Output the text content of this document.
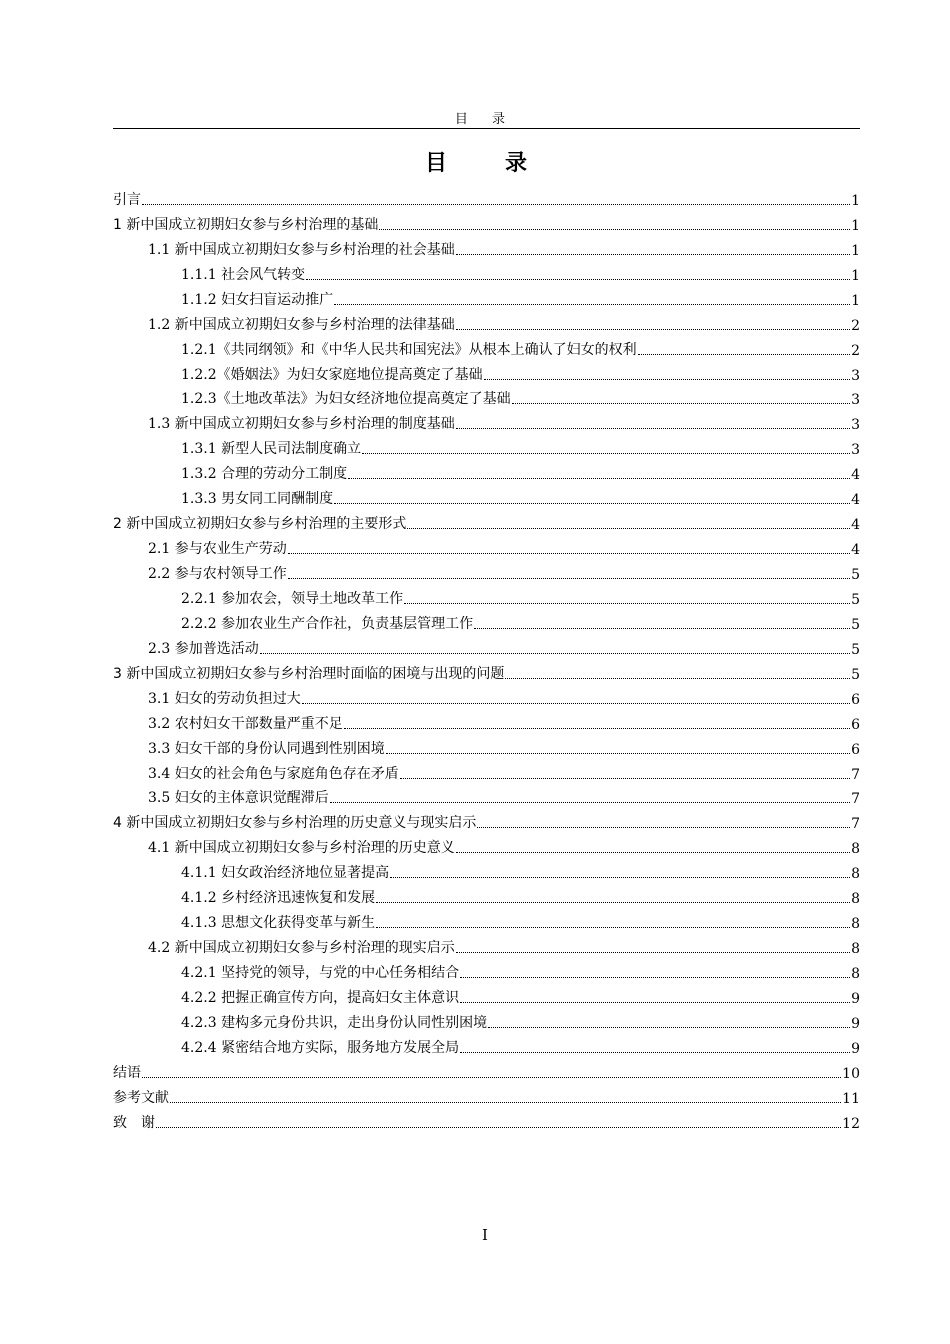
目 录
目　录
引言	1
1 新中国成立初期妇女参与乡村治理的基础	1
1.1 新中国成立初期妇女参与乡村治理的社会基础	1
1.1.1 社会风气转变	1
1.1.2 妇女扫盲运动推广	1
1.2 新中国成立初期妇女参与乡村治理的法律基础	2
1.2.1《共同纲领》和《中华人民共和国宪法》从根本上确认了妇女的权利	2
1.2.2《婚姻法》为妇女家庭地位提高奠定了基础	3
1.2.3《土地改革法》为妇女经济地位提高奠定了基础	3
1.3 新中国成立初期妇女参与乡村治理的制度基础	3
1.3.1 新型人民司法制度确立	3
1.3.2 合理的劳动分工制度	4
1.3.3 男女同工同酬制度	4
2 新中国成立初期妇女参与乡村治理的主要形式	4
2.1 参与农业生产劳动	4
2.2 参与农村领导工作	5
2.2.1 参加农会，领导土地改革工作	5
2.2.2 参加农业生产合作社，负责基层管理工作	5
2.3 参加普选活动	5
3 新中国成立初期妇女参与乡村治理时面临的困境与出现的问题	5
3.1 妇女的劳动负担过大	6
3.2 农村妇女干部数量严重不足	6
3.3 妇女干部的身份认同遇到性别困境	6
3.4 妇女的社会角色与家庭角色存在矛盾	7
3.5 妇女的主体意识觉醒滞后	7
4 新中国成立初期妇女参与乡村治理的历史意义与现实启示	7
4.1 新中国成立初期妇女参与乡村治理的历史意义	8
4.1.1 妇女政治经济地位显著提高	8
4.1.2 乡村经济迅速恢复和发展	8
4.1.3 思想文化获得变革与新生	8
4.2 新中国成立初期妇女参与乡村治理的现实启示	8
4.2.1 坚持党的领导，与党的中心任务相结合	8
4.2.2 把握正确宣传方向，提高妇女主体意识	9
4.2.3 建构多元身份共识，走出身份认同性别困境	9
4.2.4 紧密结合地方实际，服务地方发展全局	9
结语	10
参考文献	11
致　谢	12
I
